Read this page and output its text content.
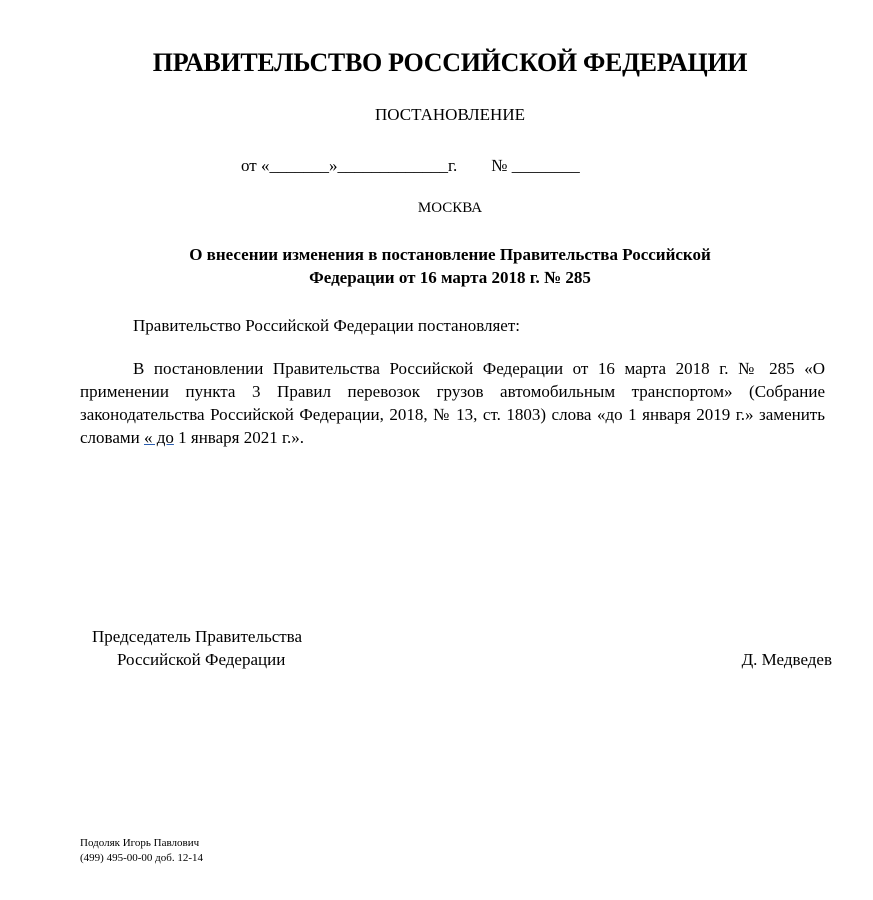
ПРАВИТЕЛЬСТВО РОССИЙСКОЙ ФЕДЕРАЦИИ
ПОСТАНОВЛЕНИЕ
от «_______»_____________г.        № ________
МОСКВА
О внесении изменения в постановление Правительства Российской
Федерации от 16 марта 2018 г. № 285
Правительство Российской Федерации постановляет:
В постановлении Правительства Российской Федерации от 16 марта 2018 г. № 285 «О применении пункта 3 Правил перевозок грузов автомобильным транспортом» (Собрание законодательства Российской Федерации, 2018, № 13, ст. 1803) слова «до 1 января 2019 г.» заменить словами « до 1 января 2021 г.».
Председатель Правительства
Российской Федерации	Д. Медведев
Подоляк Игорь Павлович
(499) 495-00-00 доб. 12-14
